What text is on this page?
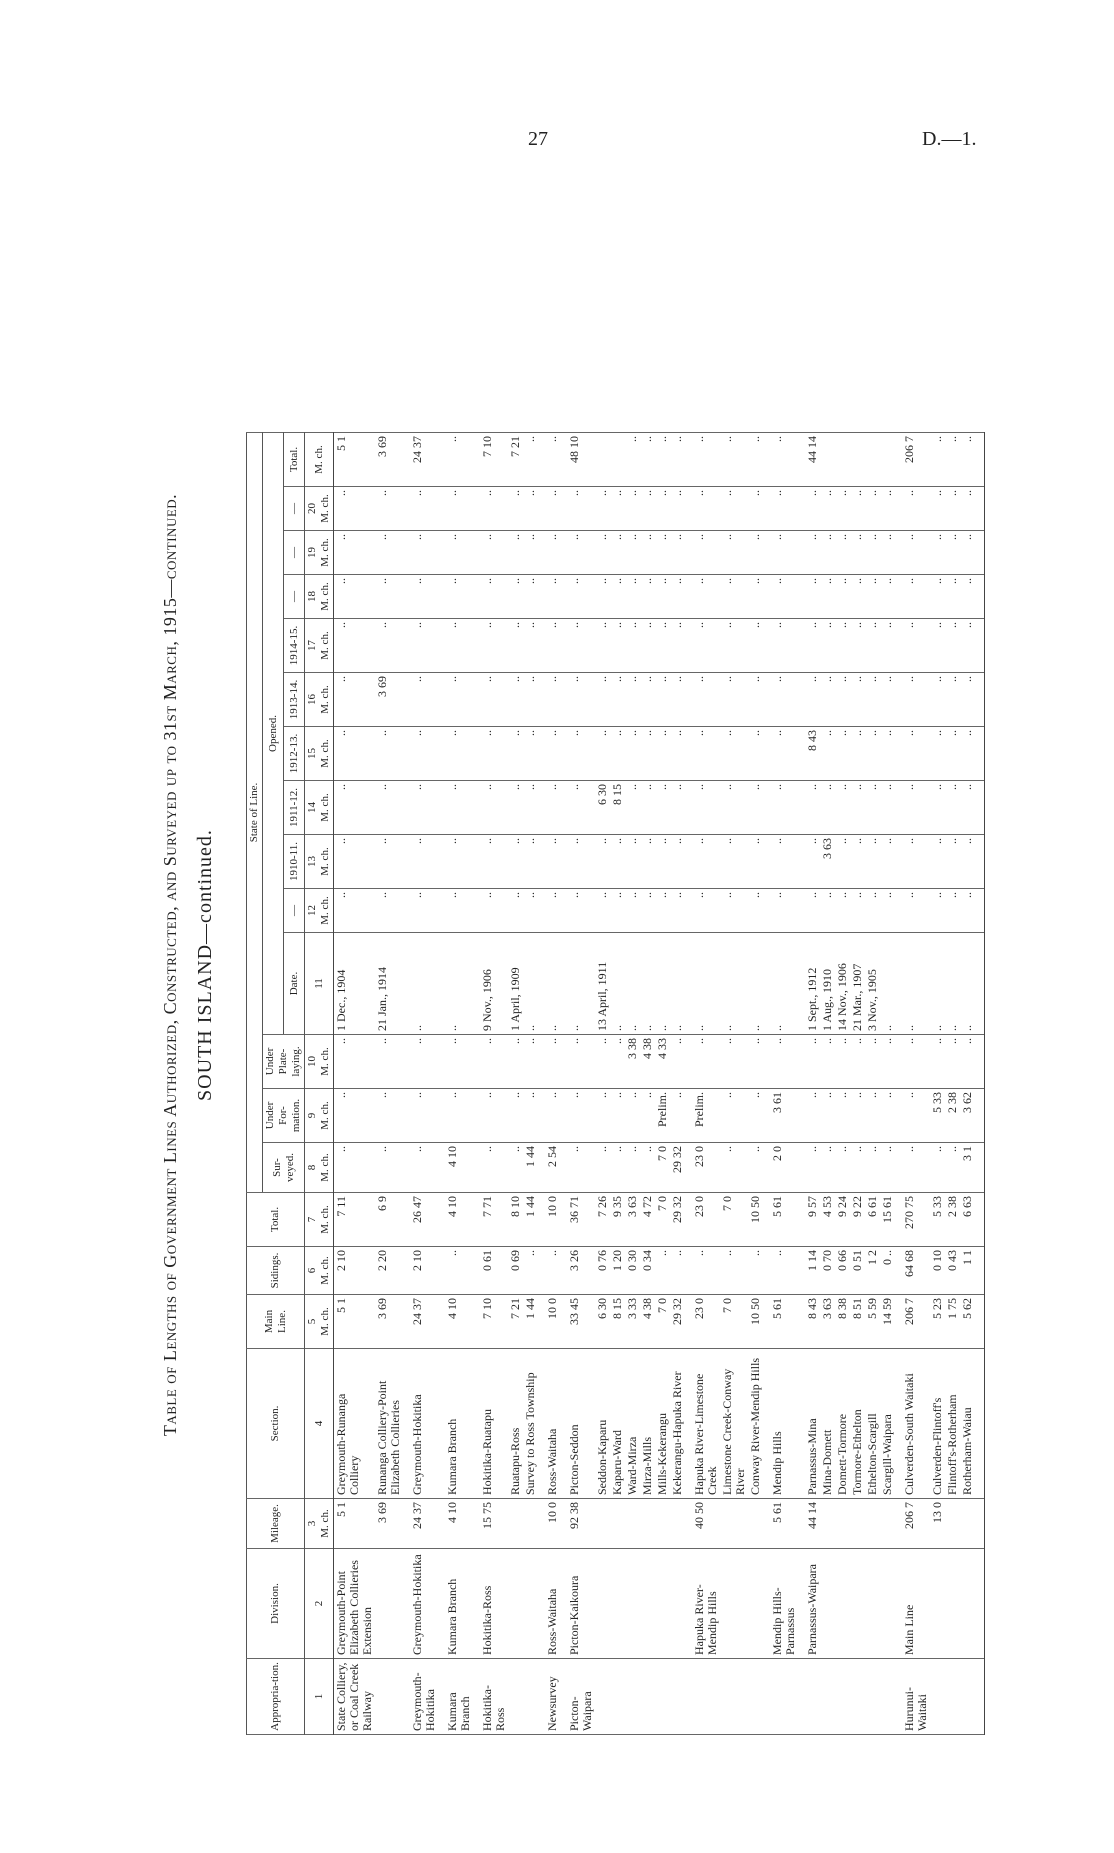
27	D.—1.
Table of Lengths of Government Lines Authorized, Constructed, and Surveyed up to 31st March, 1915—continued. SOUTH ISLAND—continued.
Appropria-tion.	Division.	Mileage.	Section.	Main Line.	Sidings.	Total.	State of Line.													
							Sur-veyed.	Under For-mation.	Under Plate-laying.	Opened.										
										Date.	—	1910-11.	1911-12.	1912-13.	1913-14.	1914-15.	—	—	—	Total.

1	2	3 M. ch.	4	5 M. ch.	6 M. ch.	7 M. ch.	8 M. ch.	9 M. ch.	10 M. ch.	11	12 M. ch.	13 M. ch.	14 M. ch.	15 M. ch.	16 M. ch.	17 M. ch.	18 M. ch.	19 M. ch.	20 M. ch.	M. ch.

State Colliery, or Coal Creek Railway	Greymouth-Point Elizabeth Collieries Extension	5 1	Greymouth-Runanga Colliery	5 1	2 10	7 11	..	..	..	1 Dec., 1904	..	..	..	..	..	..	..	..	..	5 1
		3 69	Runanga Colliery-Point Elizabeth Collieries	3 69	2 20	6 9	..	..	..	21 Jan., 1914	..	..	..	..	3 69	..	..	..	..	3 69
Greymouth-Hokitika	Greymouth-Hokitika	24 37	Greymouth-Hokitika	24 37	2 10	26 47	..	..	..	..	..	..	..	..	..	..	..	..	..	24 37
Kumara Branch	Kumara Branch	4 10	Kumara Branch	4 10	..	4 10	4 10	..	..	..	..	..	..	..	..	..	..	..	..	..
Hokitika-Ross	Hokitika-Ross	15 75	Hokitika-Ruatapu	7 10	0 61	7 71	..	..	..	9 Nov., 1906	..	..	..	..	..	..	..	..	..	7 10
			Ruatapu-Ross	7 21	0 69	8 10	..	..	..	1 April, 1909	..	..	..	..	..	..	..	..	..	7 21
			Survey to Ross Township	1 44	..	1 44	1 44	..	..	..	..	..	..	..	..	..	..	..	..	..
Newsurvey	Ross-Waitaha	10 0	Ross-Waitaha	10 0	..	10 0	2 54	..	..	..	..	..	..	..	..	..	..	..	..	..
Picton-Waipara	Picton-Kaikoura	92 38	Picton-Seddon	33 45	3 26	36 71	..	..	..	..	..	..	..	..	..	..	..	..	..	48 10
			Seddon-Kaparu	6 30	0 76	7 26	..	..	..	13 April, 1911	..	..	6 30	..	..	..	..	..	..	
			Kaparu-Ward	8 15	1 20	9 35	..	..	..	..	..	..	8 15	..	..	..	..	..	..	
			Ward-Mirza	3 33	0 30	3 63	..	..	3 38	..	..	..	..	..	..	..	..	..	..	..
			Mirza-Mills	4 38	0 34	4 72	..	..	4 38	..	..	..	..	..	..	..	..	..	..	..
			Mills-Kekerangu	7 0	..	7 0	7 0	Prelim.	4 33	..	..	..	..	..	..	..	..	..	..	..
			Kekerangu-Hapuka River	29 32	..	29 32	29 32	..	..	..	..	..	..	..	..	..	..	..	..	..
	Hapuka River-Mendip Hills	40 50	Hapuka River-Limestone Creek	23 0	..	23 0	23 0	Prelim.	..	..	..	..	..	..	..	..	..	..	..	..
			Limestone Creek-Conway River	7 0	..	7 0	..	..	..	..	..	..	..	..	..	..	..	..	..	..
			Conway River-Mendip Hills	10 50	..	10 50	..	..	..	..	..	..	..	..	..	..	..	..	..	..
	Mendip Hills-Parnassus	5 61	Mendip Hills	5 61	..	5 61	2 0	3 61	..	..	..	..	..	..	..	..	..	..	..	..
	Parnassus-Waipara	44 14	Parnassus-Mina	8 43	1 14	9 57	..	..	..	1 Sept., 1912	..	..	..	8 43	..	..	..	..	..	44 14
			Mina-Domett	3 63	0 70	4 53	..	..	..	1 Aug., 1910	..	3 63	..	..	..	..	..	..	..	
			Domett-Tormore	8 38	0 66	9 24	..	..	..	14 Nov., 1906	..	..	..	..	..	..	..	..	..	
			Tormore-Ethelton	8 51	0 51	9 22	..	..	..	21 Mar., 1907	..	..	..	..	..	..	..	..	..	
			Ethelton-Scargill	5 59	1 2	6 61	..	..	..	3 Nov., 1905	..	..	..	..	..	..	..	..	..	
			Scargill-Waipara	14 59	0 ..	15 61	..	..	..	..	..	..	..	..	..	..	..	..	..	
Hurunui-Waitaki	Main Line	206 7	Culverden-South Waitaki	206 7	64 68	270 75	..	..	..	..	..	..	..	..	..	..	..	..	..	206 7
		13 0	Culverden-Flintoff's	5 23	0 10	5 33	..	5 33	..	..	..	..	..	..	..	..	..	..	..	..
			Flintoff's-Rotherham	1 75	0 43	2 38	..	2 38	..	..	..	..	..	..	..	..	..	..	..	..
			Rotherham-Waiau	5 62	1 1	6 63	3 1	3 62	..	..	..	..	..	..	..	..	..	..	..	..
